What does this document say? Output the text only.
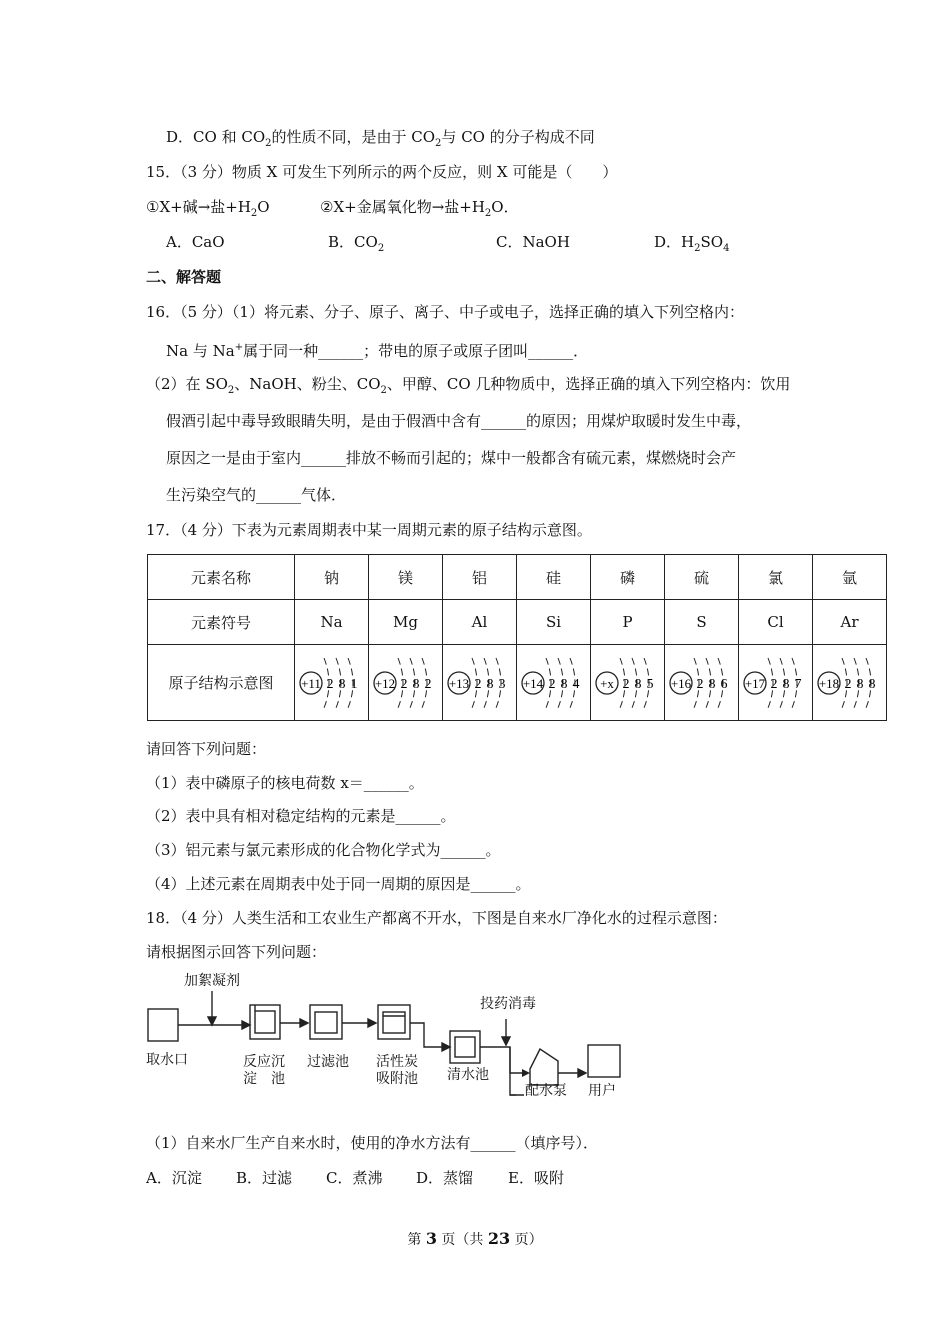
D．CO 和 $CO_2$的性质不同，是由于 $CO_2$与 CO 的分子构成不同
15．（3 分）物质 X 可发生下列所示的两个反应，则 X 可能是（　　）
①X+碱→盐$+H_2O$	②X+金属氧化物→盐$+H_2O$．
A．CaO	B．$CO_2$	C．NaOH	D．$H_2SO_4$
二、解答题
16．（5 分）（1）将元素、分子、原子、离子、中子或电子，选择正确的填入下列空格内：
Na 与 Na+属于同一种______；带电的原子或原子团叫______．
（2）在 $SO_2$、NaOH、粉尘、$CO_2$、甲醇、CO 几种物质中，选择正确的填入下列空格内：饮用
假酒引起中毒导致眼睛失明，是由于假酒中含有______的原因；用煤炉取暖时发生中毒，
原因之一是由于室内______排放不畅而引起的；煤中一般都含有硫元素，煤燃烧时会产
生污染空气的______气体．
17．（4 分）下表为元素周期表中某一周期元素的原子结构示意图。
元素名称	钠	镁	铝	硅	磷	硫	氯	氩
元素符号	Na	Mg	Al	Si	P	S	Cl	Ar
原子结构示意图	+11 2 8 1	+12 2 8 2	+13 2 8 3	+14 2 8 4	+x 2 8 5	+16 2 8 6	+17 2 8 7	+18 2 8 8
请回答下列问题：
（1）表中磷原子的核电荷数 x＝______。
（2）表中具有相对稳定结构的元素是______。
（3）铝元素与氯元素形成的化合物化学式为______。
（4）上述元素在周期表中处于同一周期的原因是______。
18．（4 分）人类生活和工农业生产都离不开水，下图是自来水厂净化水的过程示意图：
请根据图示回答下列问题：
加絮凝剂
投药消毒
取水口	反应沉
淀　池
过滤池 活性炭
吸附池 清水池
配水泵 用户
（1）自来水厂生产自来水时，使用的净水方法有______（填序号）．
A．沉淀 B．过滤 C．煮沸 D．蒸馏 E．吸附
第 3 页（共 23 页）
